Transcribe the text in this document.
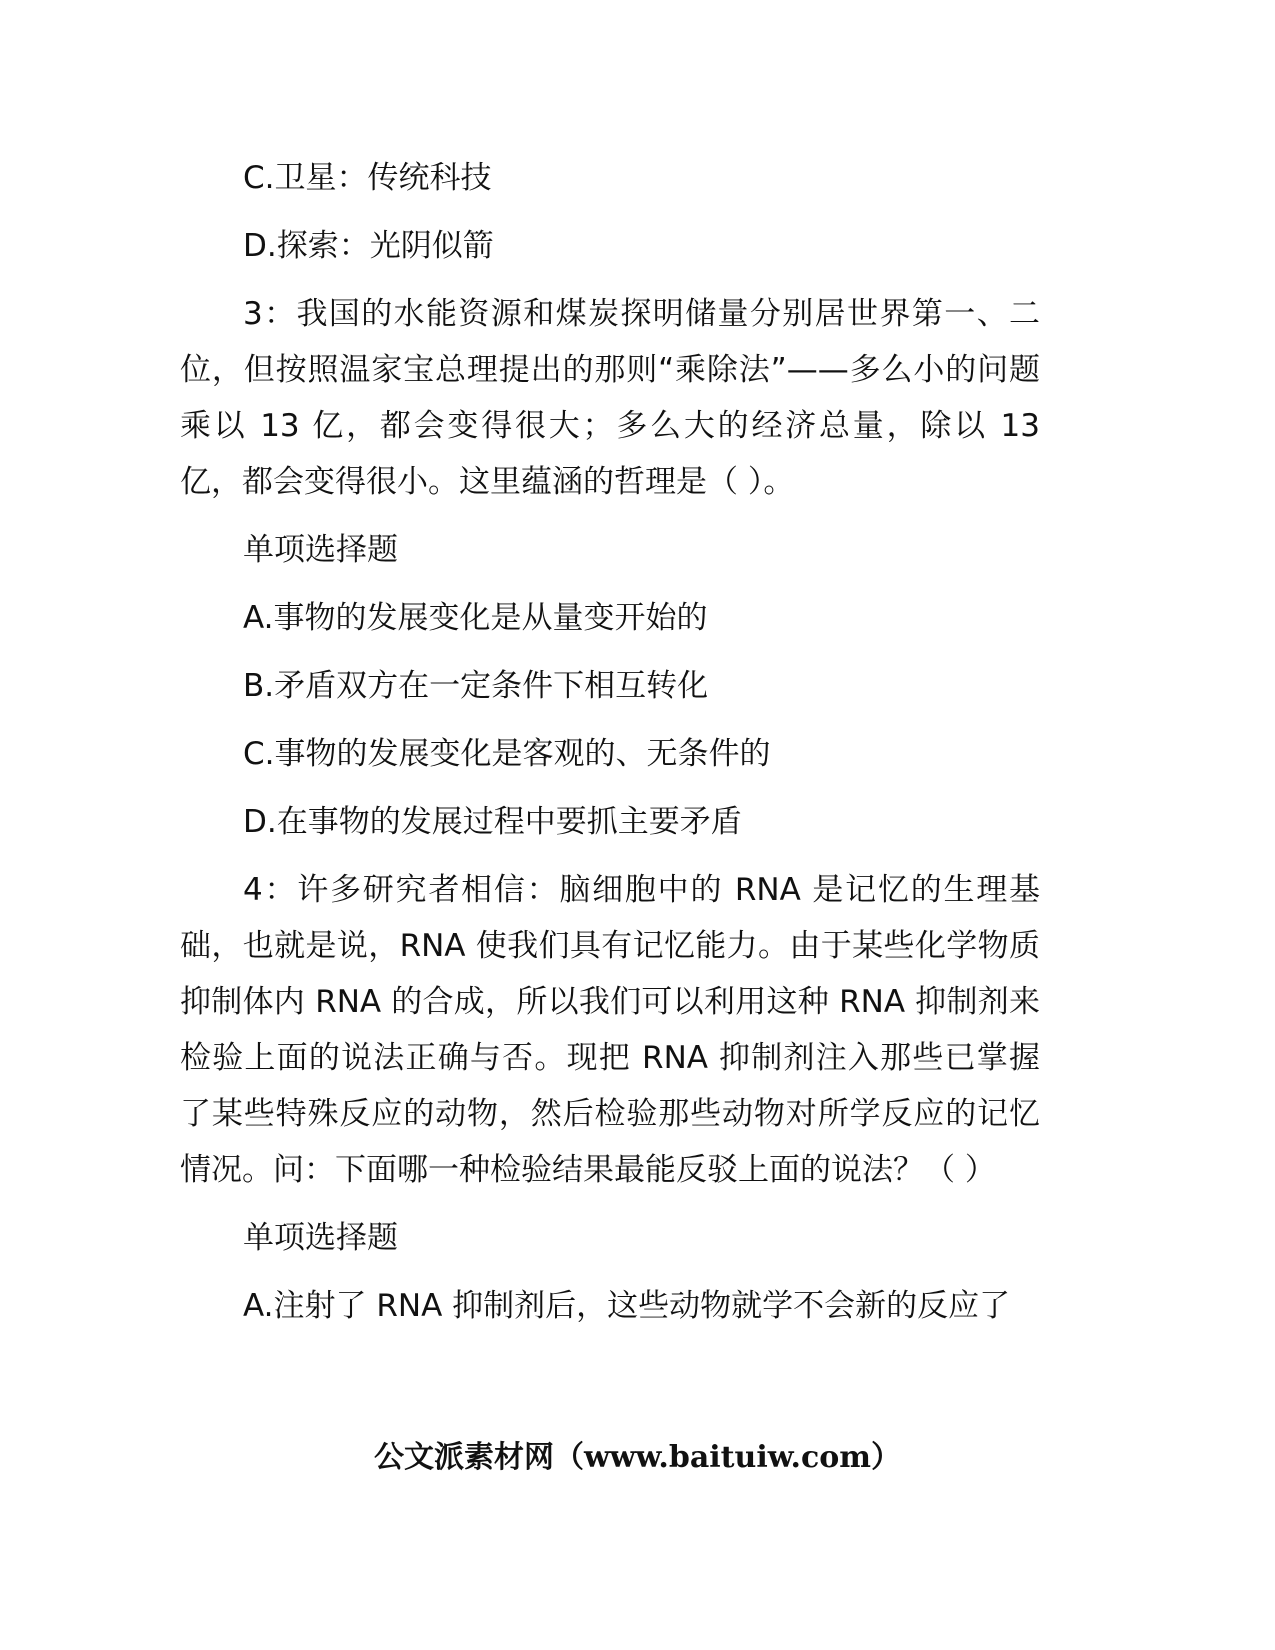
C.卫星：传统科技
D.探索：光阴似箭
3：我国的水能资源和煤炭探明储量分别居世界第一、二位，但按照温家宝总理提出的那则“乘除法”——多么小的问题乘以 13 亿，都会变得很大；多么大的经济总量，除以 13 亿，都会变得很小。这里蕴涵的哲理是（ ）。
单项选择题
A.事物的发展变化是从量变开始的
B.矛盾双方在一定条件下相互转化
C.事物的发展变化是客观的、无条件的
D.在事物的发展过程中要抓主要矛盾
4：许多研究者相信：脑细胞中的 RNA 是记忆的生理基础，也就是说，RNA 使我们具有记忆能力。由于某些化学物质抑制体内 RNA 的合成，所以我们可以利用这种 RNA 抑制剂来检验上面的说法正确与否。现把 RNA 抑制剂注入那些已掌握了某些特殊反应的动物，然后检验那些动物对所学反应的记忆情况。问：下面哪一种检验结果最能反驳上面的说法？（ ）
单项选择题
A.注射了 RNA 抑制剂后，这些动物就学不会新的反应了
公文派素材网（www.baituiw.com）
